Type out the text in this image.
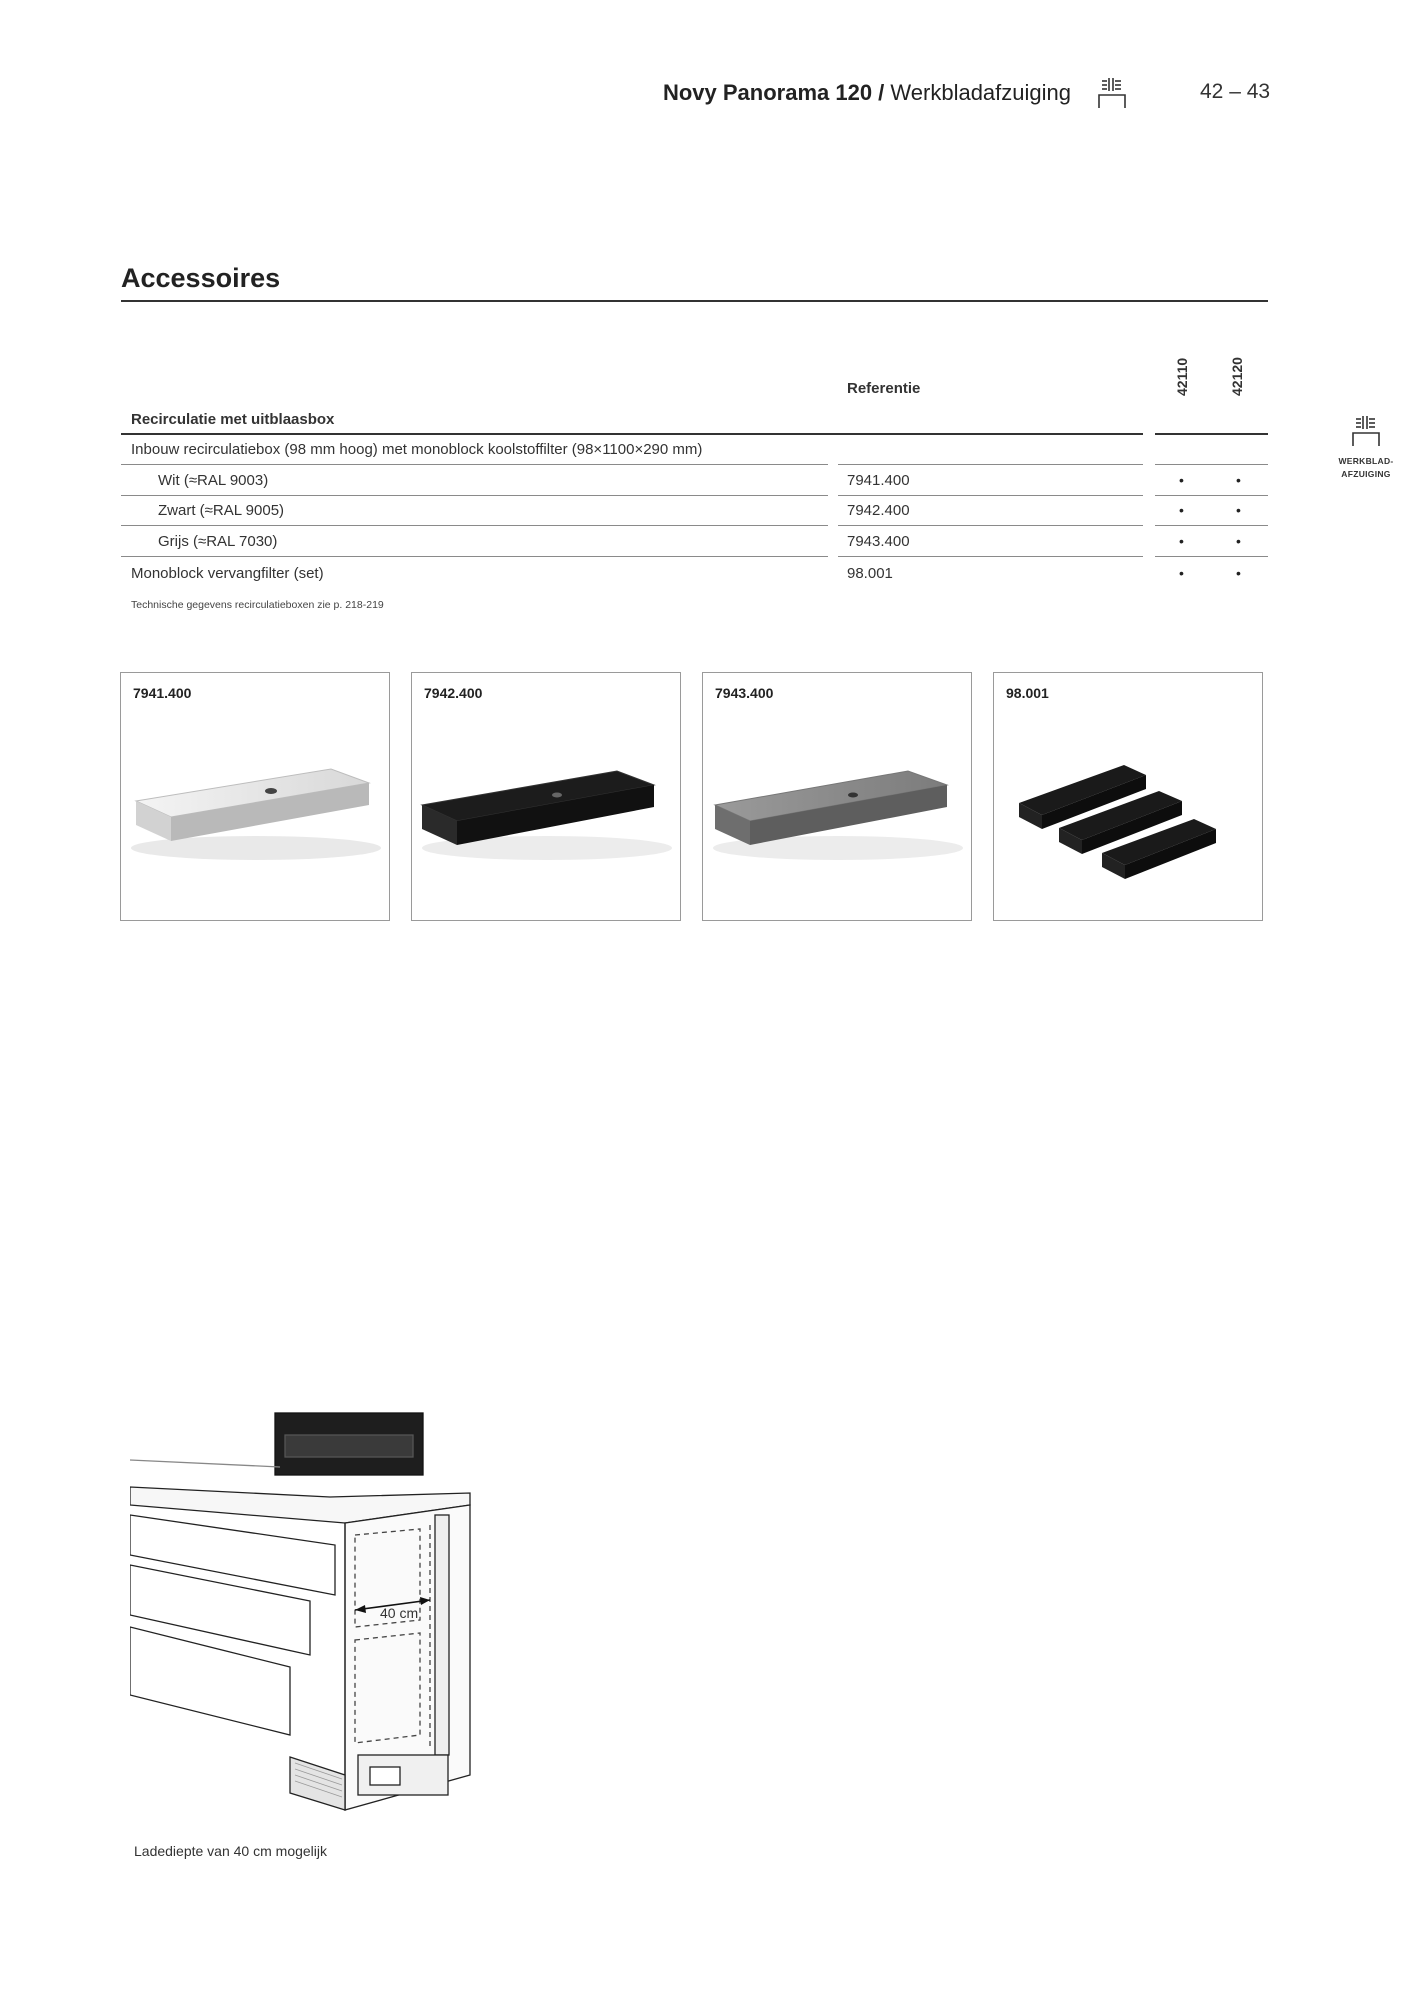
Novy Panorama 120 / Werkbladafzuiging	42 – 43
WERKBLAD-
AFZUIGING
Accessoires
Referentie	42110	42120
Recirculatie met uitblaasbox
Inbouw recirculatiebox (98 mm hoog) met monoblock koolstoffilter (98×1100×290 mm)
Wit (≈RAL 9003)	7941.400	•	•
Zwart (≈RAL 9005)	7942.400	•	•
Grijs (≈RAL 7030)	7943.400	•	•
Monoblock vervangfilter (set)	98.001	•	•
Technische gegevens recirculatieboxen zie p. 218-219
7941.400	7942.400	7943.400	98.001
40 cm
Ladediepte van 40 cm mogelijk
